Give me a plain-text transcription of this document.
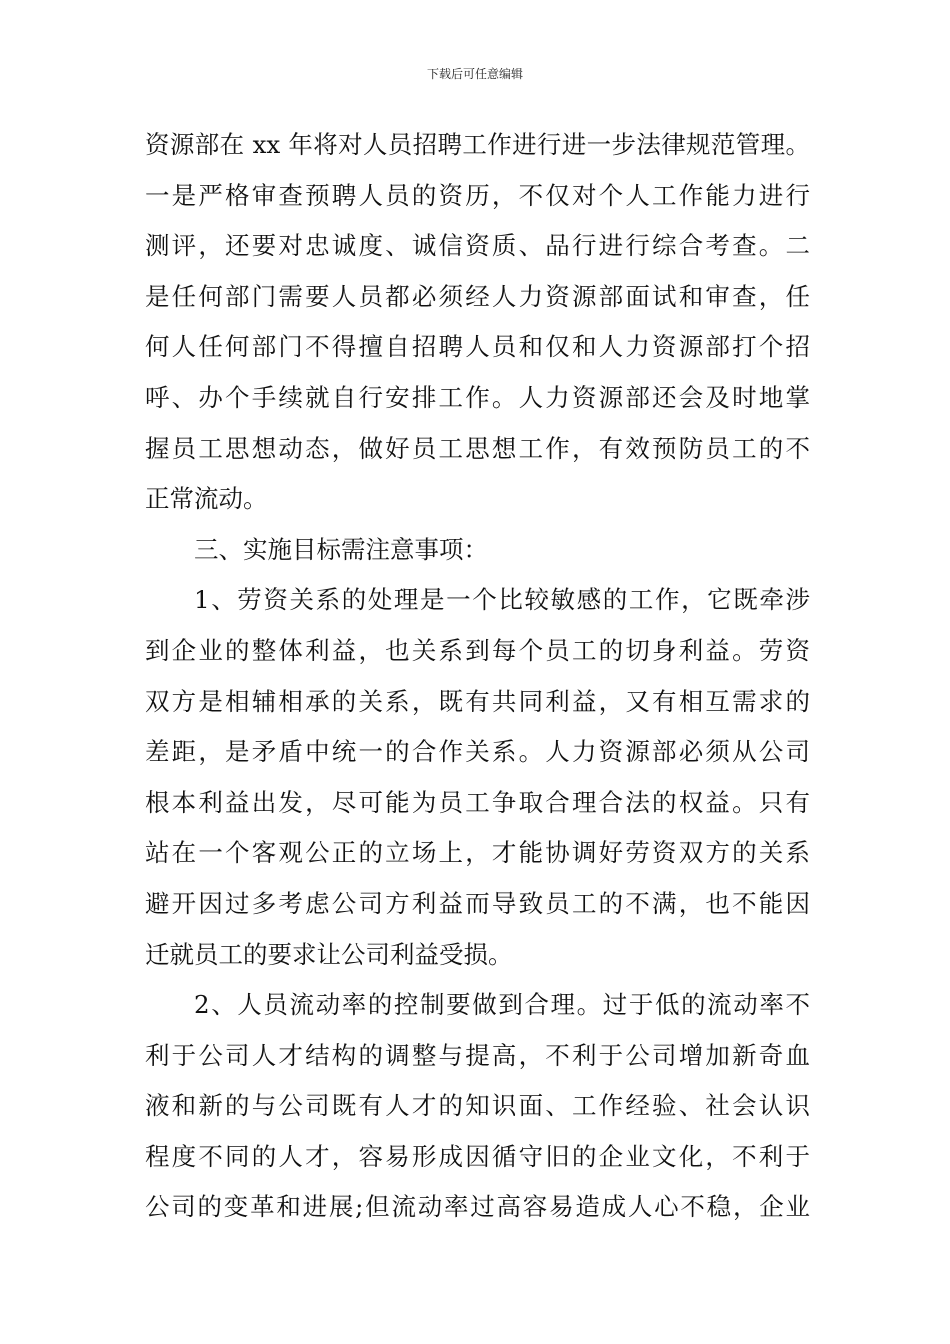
下载后可任意编辑
资源部在 xx 年将对人员招聘工作进行进一步法律规范管理。
一是严格审查预聘人员的资历，不仅对个人工作能力进行
测评，还要对忠诚度、诚信资质、品行进行综合考查。二
是任何部门需要人员都必须经人力资源部面试和审查，任
何人任何部门不得擅自招聘人员和仅和人力资源部打个招
呼、办个手续就自行安排工作。人力资源部还会及时地掌
握员工思想动态，做好员工思想工作，有效预防员工的不
正常流动。
三、实施目标需注意事项：
1、劳资关系的处理是一个比较敏感的工作，它既牵涉
到企业的整体利益，也关系到每个员工的切身利益。劳资
双方是相辅相承的关系，既有共同利益，又有相互需求的
差距，是矛盾中统一的合作关系。人力资源部必须从公司
根本利益出发，尽可能为员工争取合理合法的权益。只有
站在一个客观公正的立场上，才能协调好劳资双方的关系
避开因过多考虑公司方利益而导致员工的不满，也不能因
迁就员工的要求让公司利益受损。
2、人员流动率的控制要做到合理。过于低的流动率不
利于公司人才结构的调整与提高，不利于公司增加新奇血
液和新的与公司既有人才的知识面、工作经验、社会认识
程度不同的人才，容易形成因循守旧的企业文化，不利于
公司的变革和进展;但流动率过高容易造成人心不稳，企业
